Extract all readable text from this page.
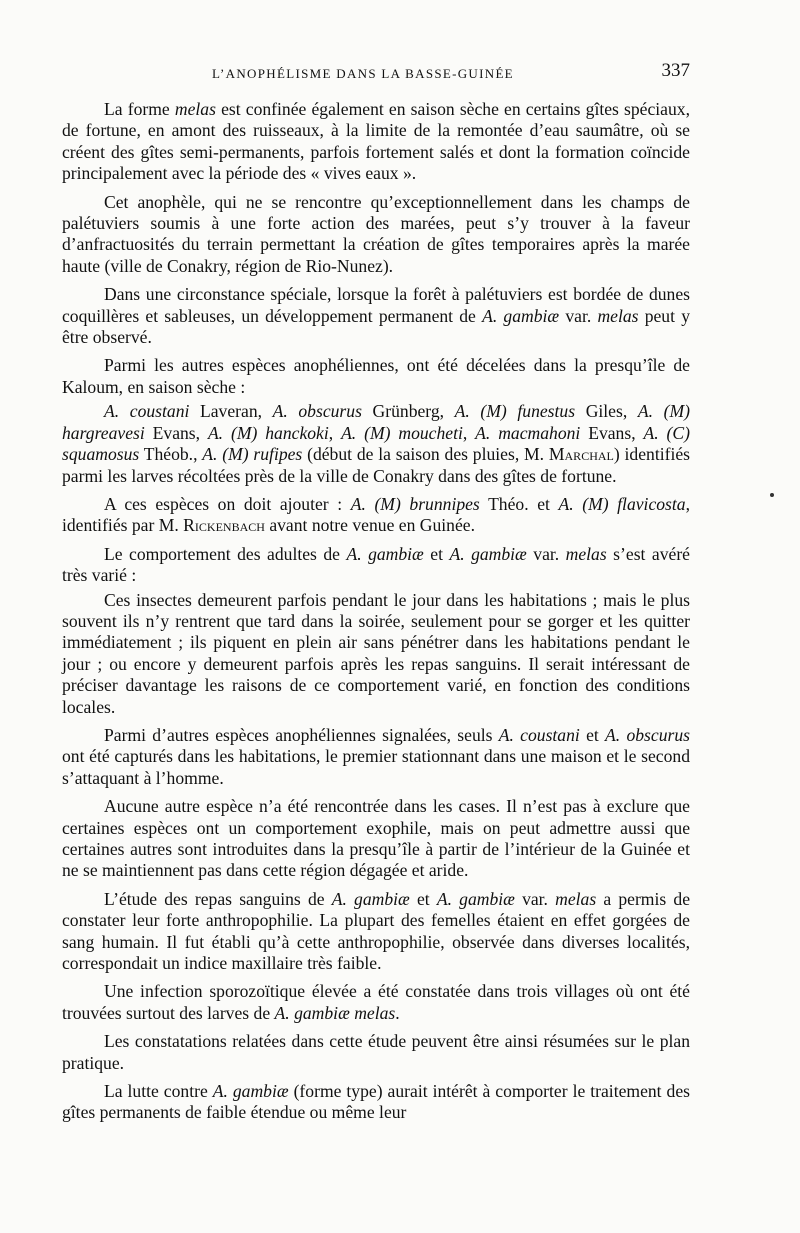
L’ANOPHÉLISME DANS LA BASSE-GUINÉE	337

La forme melas est confinée également en saison sèche en certains gîtes spéciaux, de fortune, en amont des ruisseaux, à la limite de la remontée d’eau saumâtre, où se créent des gîtes semi-permanents, parfois fortement salés et dont la formation coïncide principalement avec la période des « vives eaux ».

Cet anophèle, qui ne se rencontre qu’exceptionnellement dans les champs de palétuviers soumis à une forte action des marées, peut s’y trouver à la faveur d’anfractuosités du terrain permettant la création de gîtes temporaires après la marée haute (ville de Conakry, région de Rio-Nunez).

Dans une circonstance spéciale, lorsque la forêt à palétuviers est bordée de dunes coquillères et sableuses, un développement permanent de A. gambiæ var. melas peut y être observé.

Parmi les autres espèces anophéliennes, ont été décelées dans la presqu’île de Kaloum, en saison sèche :

A. coustani Laveran, A. obscurus Grünberg, A. (M) funestus Giles, A. (M) hargreavesi Evans, A. (M) hanckoki, A. (M) moucheti, A. macmahoni Evans, A. (C) squamosus Théob., A. (M) rufipes (début de la saison des pluies, M. Marchal) identifiés parmi les larves récoltées près de la ville de Conakry dans des gîtes de fortune.

A ces espèces on doit ajouter : A. (M) brunnipes Théo. et A. (M) flavicosta, identifiés par M. Rickenbach avant notre venue en Guinée.

Le comportement des adultes de A. gambiæ et A. gambiæ var. melas s’est avéré très varié :

Ces insectes demeurent parfois pendant le jour dans les habitations ; mais le plus souvent ils n’y rentrent que tard dans la soirée, seulement pour se gorger et les quitter immédiatement ; ils piquent en plein air sans pénétrer dans les habitations pendant le jour ; ou encore y demeurent parfois après les repas sanguins. Il serait intéressant de préciser davantage les raisons de ce comportement varié, en fonction des conditions locales.

Parmi d’autres espèces anophéliennes signalées, seuls A. coustani et A. obscurus ont été capturés dans les habitations, le premier stationnant dans une maison et le second s’attaquant à l’homme.

Aucune autre espèce n’a été rencontrée dans les cases. Il n’est pas à exclure que certaines espèces ont un comportement exophile, mais on peut admettre aussi que certaines autres sont introduites dans la presqu’île à partir de l’intérieur de la Guinée et ne se maintiennent pas dans cette région dégagée et aride.

L’étude des repas sanguins de A. gambiæ et A. gambiæ var. melas a permis de constater leur forte anthropophilie. La plupart des femelles étaient en effet gorgées de sang humain. Il fut établi qu’à cette anthropophilie, observée dans diverses localités, correspondait un indice maxillaire très faible.

Une infection sporozoïtique élevée a été constatée dans trois villages où ont été trouvées surtout des larves de A. gambiæ melas.

Les constatations relatées dans cette étude peuvent être ainsi résumées sur le plan pratique.

La lutte contre A. gambiæ (forme type) aurait intérêt à comporter le traitement des gîtes permanents de faible étendue ou même leur
